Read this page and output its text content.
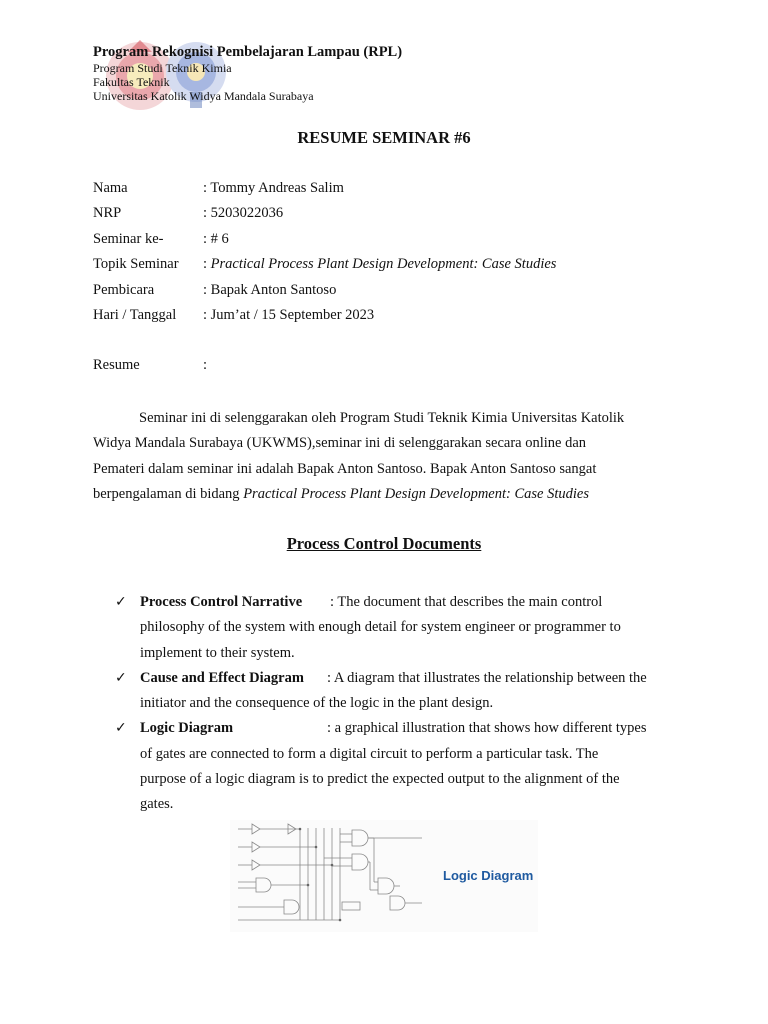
Program Rekognisi Pembelajaran Lampau (RPL)
Program Studi Teknik Kimia
Fakultas Teknik
Universitas Katolik Widya Mandala Surabaya
RESUME SEMINAR #6
Nama	: Tommy Andreas Salim
NRP	: 5203022036
Seminar ke-	: # 6
Topik Seminar : Practical Process Plant Design Development: Case Studies
Pembicara	: Bapak Anton Santoso
Hari / Tanggal : Jum’at / 15 September 2023
Resume	:
Seminar ini di selenggarakan oleh Program Studi Teknik Kimia Universitas Katolik
Widya Mandala Surabaya (UKWMS),seminar ini di selenggarakan secara online dan
Pemateri dalam seminar ini adalah Bapak Anton Santoso. Bapak Anton Santoso sangat
berpengalaman di bidang Practical Process Plant Design Development: Case Studies
Process Control Documents
✓ Process Control Narrative : The document that describes the main control
philosophy of the system with enough detail for system engineer or programmer to
implement to their system.
✓ Cause and Effect Diagram : A diagram that illustrates the relationship between the
initiator and the consequence of the logic in the plant design.
✓ Logic Diagram	: a graphical illustration that shows how different types
of gates are connected to form a digital circuit to perform a particular task. The
purpose of a logic diagram is to predict the expected output to the alignment of the
gates.
Logic Diagram
